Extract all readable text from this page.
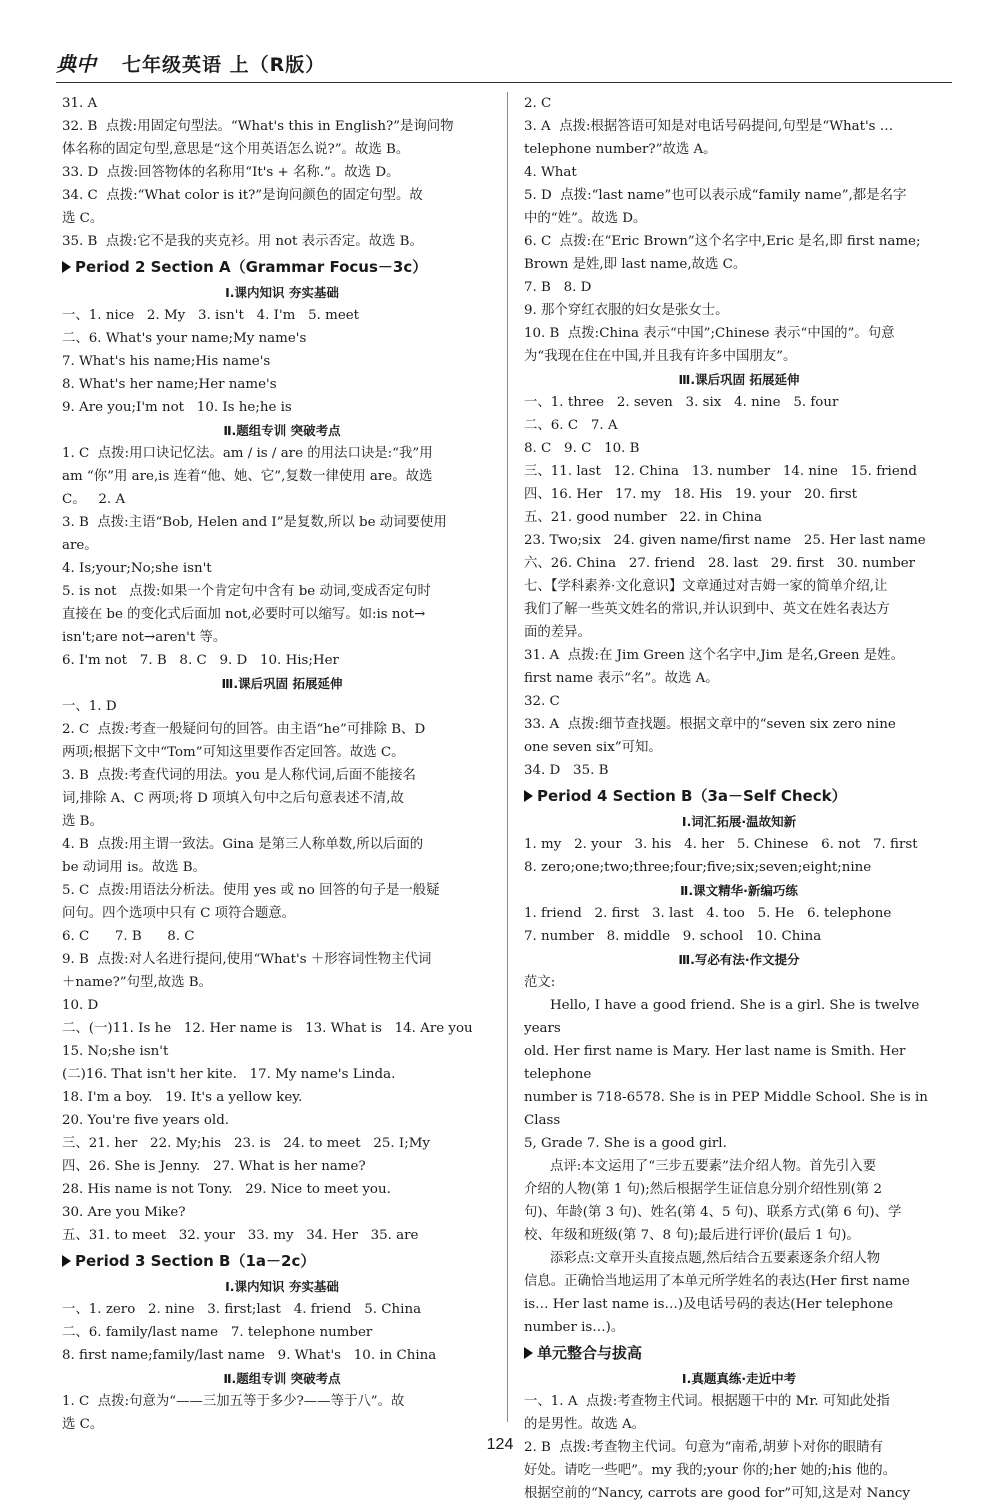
典中 七年级英语 上（R版）
31. A
32. B  点拨:用固定句型法。“What's this in English?”是询问物
体名称的固定句型,意思是“这个用英语怎么说?”。故选 B。
33. D  点拨:回答物体的名称用“It's + 名称.”。故选 D。
34. C  点拨:“What color is it?”是询问颜色的固定句型。故
选 C。
35. B  点拨:它不是我的夹克衫。用 not 表示否定。故选 B。
Period 2 Section A（Grammar Focus－3c）
Ⅰ.课内知识 夯实基础
一、1. nice   2. My   3. isn't   4. I'm   5. meet
二、6. What's your name;My name's
7. What's his name;His name's
8. What's her name;Her name's
9. Are you;I'm not   10. Is he;he is
Ⅱ.题组专训 突破考点
1. C  点拨:用口诀记忆法。am / is / are 的用法口诀是:“我”用
am “你”用 are,is 连着“他、她、它”,复数一律使用 are。故选
C。   2. A
3. B  点拨:主语“Bob, Helen and I”是复数,所以 be 动词要使用
are。
4. Is;your;No;she isn't
5. is not   点拨:如果一个肯定句中含有 be 动词,变成否定句时
直接在 be 的变化式后面加 not,必要时可以缩写。如:is not→
isn't;are not→aren't 等。
6. I'm not   7. B   8. C   9. D   10. His;Her
Ⅲ.课后巩固 拓展延伸
一、1. D
2. C  点拨:考查一般疑问句的回答。由主语“he”可排除 B、D
两项;根据下文中“Tom”可知这里要作否定回答。故选 C。
3. B  点拨:考查代词的用法。you 是人称代词,后面不能接名
词,排除 A、C 两项;将 D 项填入句中之后句意表述不清,故
选 B。
4. B  点拨:用主谓一致法。Gina 是第三人称单数,所以后面的
be 动词用 is。故选 B。
5. C  点拨:用语法分析法。使用 yes 或 no 回答的句子是一般疑
问句。四个选项中只有 C 项符合题意。
6. C      7. B      8. C
9. B  点拨:对人名进行提问,使用“What's ＋形容词性物主代词
＋name?”句型,故选 B。
10. D
二、(一)11. Is he   12. Her name is   13. What is   14. Are you
15. No;she isn't
(二)16. That isn't her kite.   17. My name's Linda.
18. I'm a boy.   19. It's a yellow key.
20. You're five years old.
三、21. her   22. My;his   23. is   24. to meet   25. I;My
四、26. She is Jenny.   27. What is her name?
28. His name is not Tony.   29. Nice to meet you.
30. Are you Mike?
五、31. to meet   32. your   33. my   34. Her   35. are
Period 3 Section B（1a－2c）
Ⅰ.课内知识 夯实基础
一、1. zero   2. nine   3. first;last   4. friend   5. China
二、6. family/last name   7. telephone number
8. first name;family/last name   9. What's   10. in China
Ⅱ.题组专训 突破考点
1. C  点拨:句意为“——三加五等于多少?——等于八”。故
选 C。
2. C
3. A  点拨:根据答语可知是对电话号码提问,句型是“What's …
telephone number?”故选 A。
4. What
5. D  点拨:“last name”也可以表示成“family name”,都是名字
中的“姓”。故选 D。
6. C  点拨:在“Eric Brown”这个名字中,Eric 是名,即 first name;
Brown 是姓,即 last name,故选 C。
7. B   8. D
9. 那个穿红衣服的妇女是张女士。
10. B  点拨:China 表示“中国”;Chinese 表示“中国的”。句意
为“我现在住在中国,并且我有许多中国朋友”。
Ⅲ.课后巩固 拓展延伸
一、1. three   2. seven   3. six   4. nine   5. four
二、6. C   7. A
8. C   9. C   10. B
三、11. last   12. China   13. number   14. nine   15. friend
四、16. Her   17. my   18. His   19. your   20. first
五、21. good number   22. in China
23. Two;six   24. given name/first name   25. Her last name
六、26. China   27. friend   28. last   29. first   30. number
七、【学科素养·文化意识】文章通过对吉姆一家的简单介绍,让
我们了解一些英文姓名的常识,并认识到中、英文在姓名表达方
面的差异。
31. A  点拨:在 Jim Green 这个名字中,Jim 是名,Green 是姓。
first name 表示“名”。故选 A。
32. C
33. A  点拨:细节查找题。根据文章中的“seven six zero nine
one seven six”可知。
34. D   35. B
Period 4 Section B（3a－Self Check）
Ⅰ.词汇拓展·温故知新
1. my   2. your   3. his   4. her   5. Chinese   6. not   7. first
8. zero;one;two;three;four;five;six;seven;eight;nine
Ⅱ.课文精华·新编巧练
1. friend   2. first   3. last   4. too   5. He   6. telephone
7. number   8. middle   9. school   10. China
Ⅲ.写必有法·作文提分
范文:
Hello, I have a good friend. She is a girl. She is twelve years
old. Her first name is Mary. Her last name is Smith. Her telephone
number is 718-6578. She is in PEP Middle School. She is in Class
5, Grade 7. She is a good girl.
点评:本文运用了“三步五要素”法介绍人物。首先引入要
介绍的人物(第 1 句);然后根据学生证信息分别介绍性别(第 2
句)、年龄(第 3 句)、姓名(第 4、5 句)、联系方式(第 6 句)、学
校、年级和班级(第 7、8 句);最后进行评价(最后 1 句)。
添彩点:文章开头直接点题,然后结合五要素逐条介绍人物
信息。正确恰当地运用了本单元所学姓名的表达(Her first name
is… Her last name is…)及电话号码的表达(Her telephone
number is…)。
单元整合与拔高
Ⅰ.真题真练·走近中考
一、1. A  点拨:考查物主代词。根据题干中的 Mr. 可知此处指
的是男性。故选 A。
2. B  点拨:考查物主代词。句意为“南希,胡萝卜对你的眼睛有
好处。请吃一些吧”。my 我的;your 你的;her 她的;his 他的。
根据空前的“Nancy, carrots are good for”可知,这是对 Nancy
124
